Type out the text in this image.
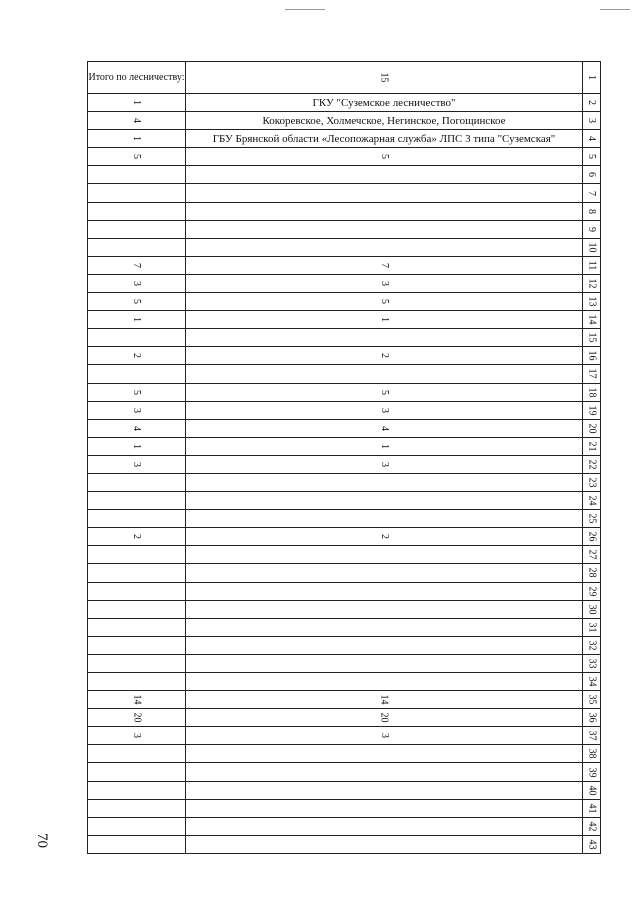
70
Итого по лесничеству:	15	1
1	ГКУ "Суземское лесничество"	2
4	Кокоревское, Холмечское, Негинское, Погощинское	3
1	ГБУ Брянской области «Лесопожарная служба» ЛПС 3 типа "Суземская"	4
5	5	5
		6
		7
		8
		9
		10
7	7	11
3	3	12
5	5	13
1	1	14
		15
2	2	16
		17
5	5	18
3	3	19
4	4	20
1	1	21
3	3	22
		23
		24
		25
2	2	26
		27
		28
		29
		30
		31
		32
		33
		34
14	14	35
20	20	36
3	3	37
		38
		39
		40
		41
		42
		43
